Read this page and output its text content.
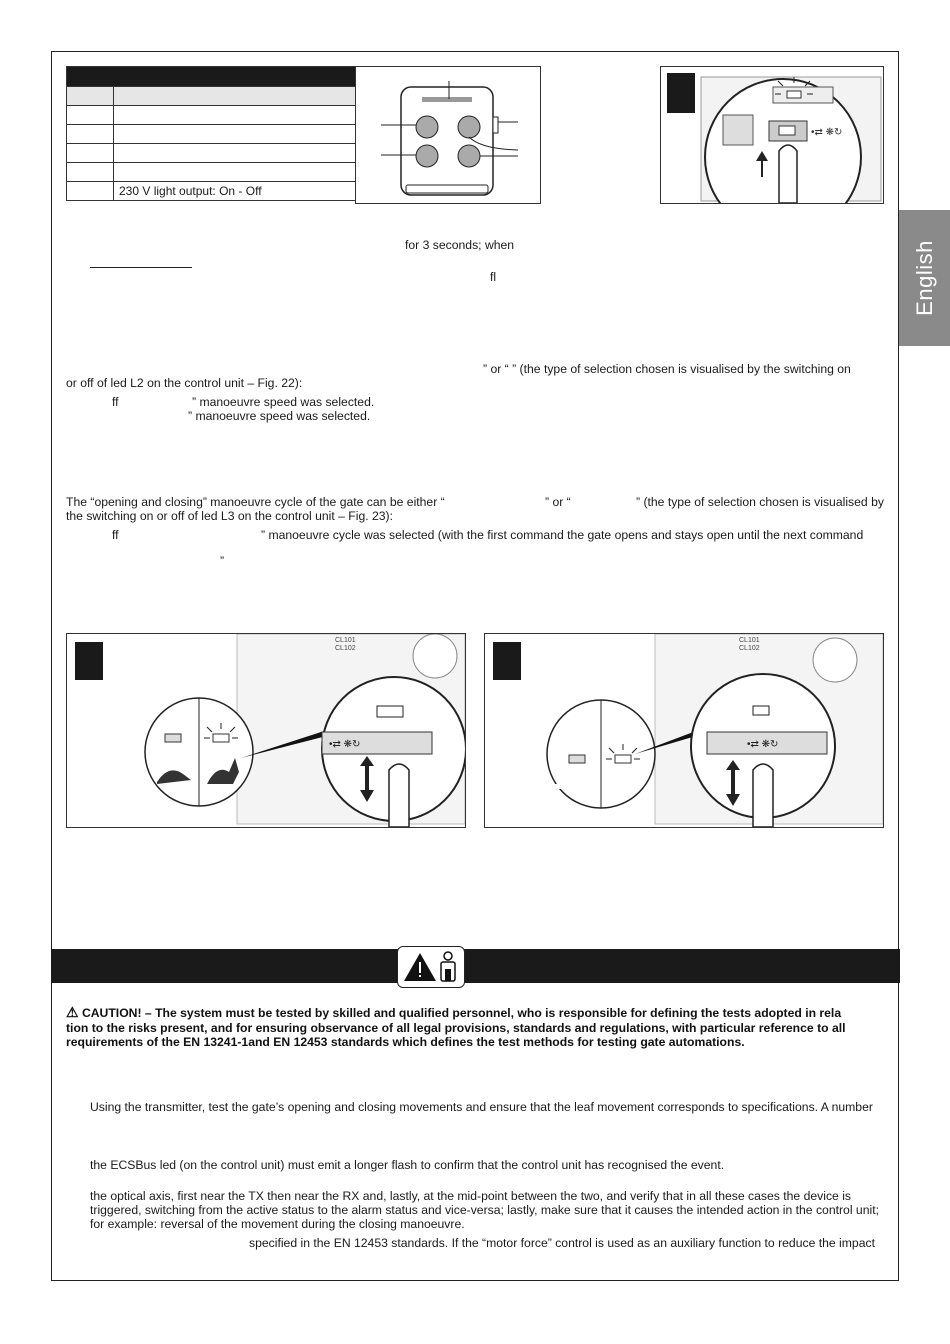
	230 V light output: On - Off
•⇄ ❋↻
English
for 3 seconds; when
fl
” or “ ” (the type of selection chosen is visualised by the switching on
or off of led L2 on the control unit – Fig. 22):
ff	” manoeuvre speed was selected.
” manoeuvre speed was selected.
The “opening and closing” manoeuvre cycle of the gate can be either “	” or “	” (the type of selection chosen is visualised by
the switching on or off of led L3 on the control unit – Fig. 23):
ff	” manoeuvre cycle was selected (with the first command the gate opens and stays open until the next command
”
CL101
CL102
•⇄ ❋↻
CL101
CL102
•⇄ ❋↻

⚠ CAUTION! – The system must be tested by skilled and qualified personnel, who is responsible for defining the tests adopted in rela

tion to the risks present, and for ensuring observance of all legal provisions, standards and regulations, with particular reference to all

requirements of the EN 13241-1and EN 12453 standards which defines the test methods for testing gate automations.

Using the transmitter, test the gate’s opening and closing movements and ensure that the leaf movement corresponds to specifications. A number
the ECSBus led (on the control unit) must emit a longer flash to confirm that the control unit has recognised the event.
the optical axis, first near the TX then near the RX and, lastly, at the mid-point between the two, and verify that in all these cases the device is
triggered, switching from the active status to the alarm status and vice-versa; lastly, make sure that it causes the intended action in the control unit;
for example: reversal of the movement during the closing manoeuvre.
specified in the EN 12453 standards. If the “motor force” control is used as an auxiliary function to reduce the impact
